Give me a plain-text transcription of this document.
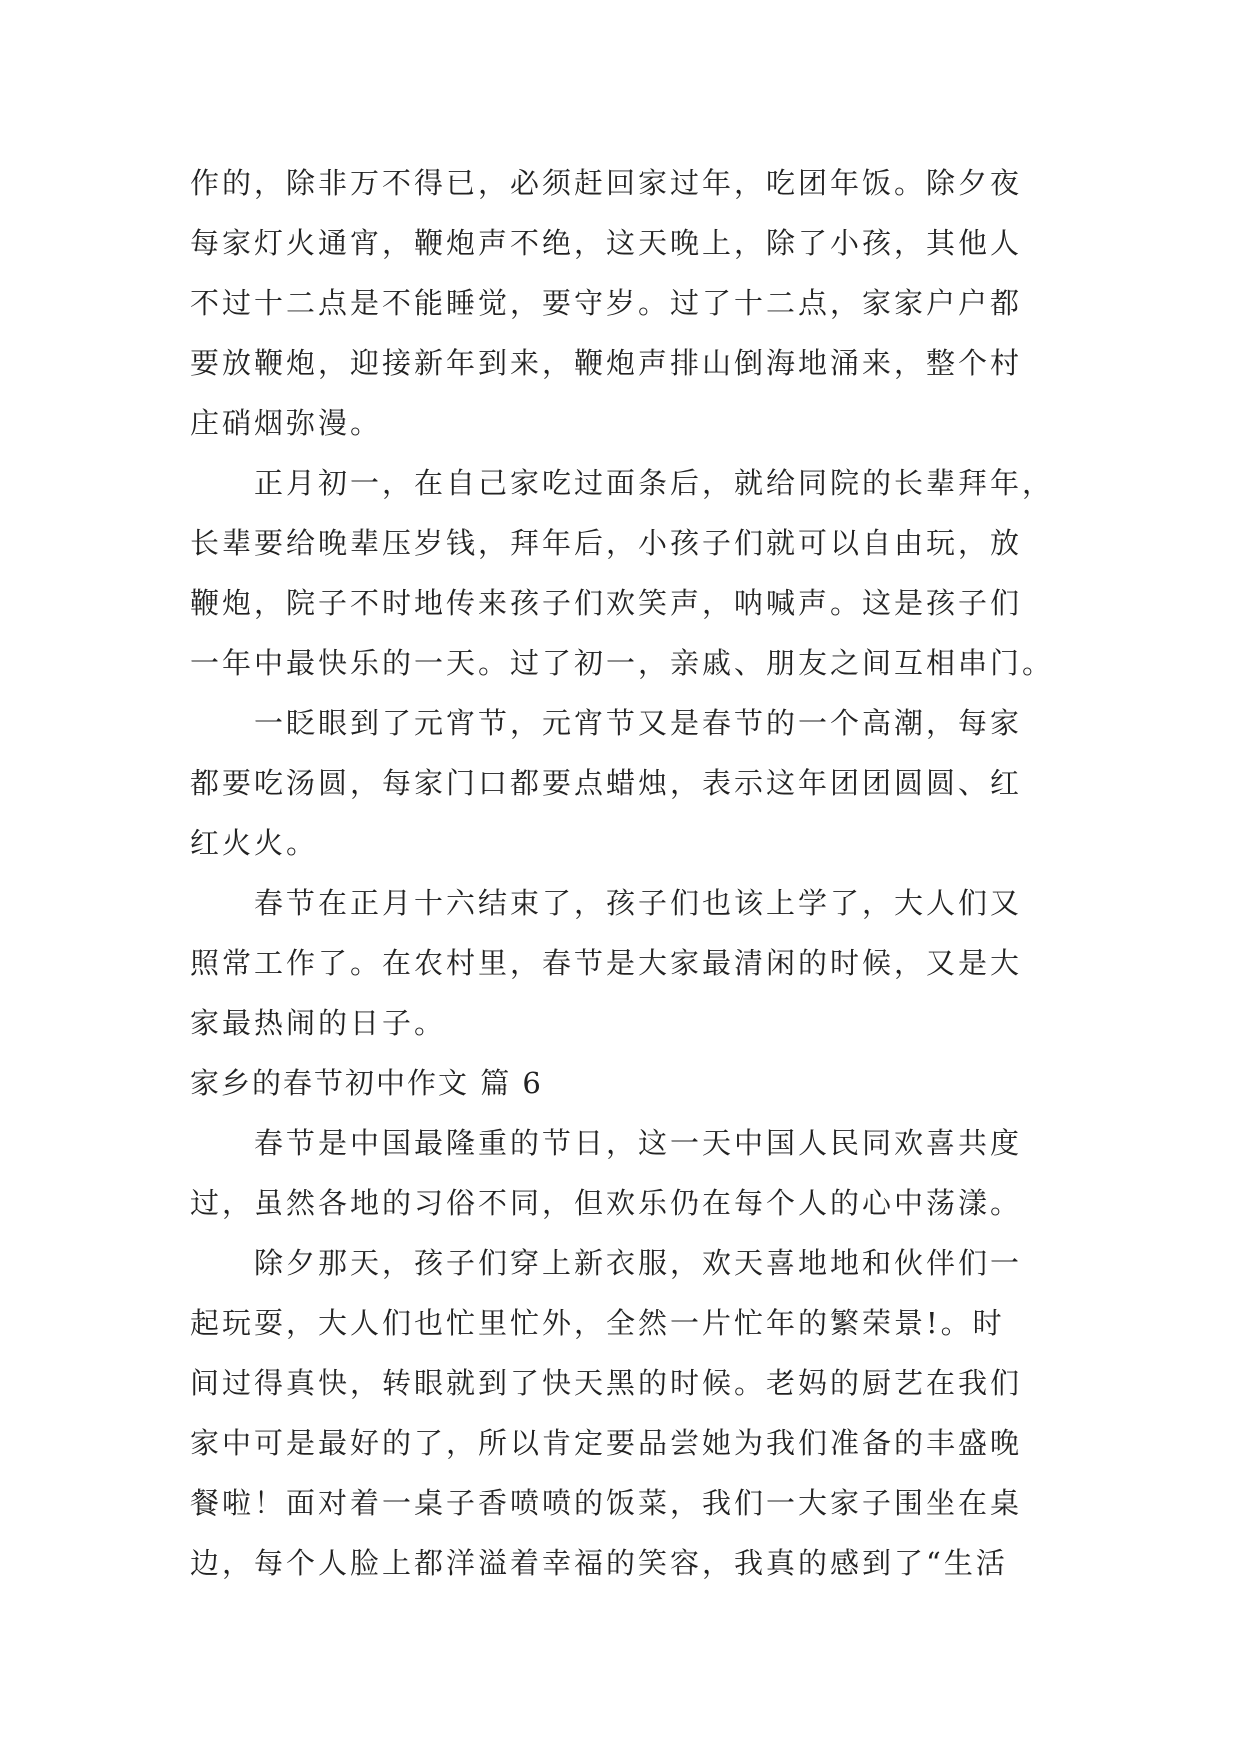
作的，除非万不得已，必须赶回家过年，吃团年饭。除夕夜
每家灯火通宵，鞭炮声不绝，这天晚上，除了小孩，其他人
不过十二点是不能睡觉，要守岁。过了十二点，家家户户都
要放鞭炮，迎接新年到来，鞭炮声排山倒海地涌来，整个村
庄硝烟弥漫。
正月初一，在自己家吃过面条后，就给同院的长辈拜年，
长辈要给晚辈压岁钱，拜年后，小孩子们就可以自由玩，放
鞭炮，院子不时地传来孩子们欢笑声，呐喊声。这是孩子们
一年中最快乐的一天。过了初一，亲戚、朋友之间互相串门。
一眨眼到了元宵节，元宵节又是春节的一个高潮，每家
都要吃汤圆，每家门口都要点蜡烛，表示这年团团圆圆、红
红火火。
春节在正月十六结束了，孩子们也该上学了，大人们又
照常工作了。在农村里，春节是大家最清闲的时候，又是大
家最热闹的日子。
家乡的春节初中作文 篇 6
春节是中国最隆重的节日，这一天中国人民同欢喜共度
过，虽然各地的习俗不同，但欢乐仍在每个人的心中荡漾。
除夕那天，孩子们穿上新衣服，欢天喜地地和伙伴们一
起玩耍，大人们也忙里忙外，全然一片忙年的繁荣景!。时
间过得真快，转眼就到了快天黑的时候。老妈的厨艺在我们
家中可是最好的了，所以肯定要品尝她为我们准备的丰盛晚
餐啦！面对着一桌子香喷喷的饭菜，我们一大家子围坐在桌
边，每个人脸上都洋溢着幸福的笑容，我真的感到了“生活
